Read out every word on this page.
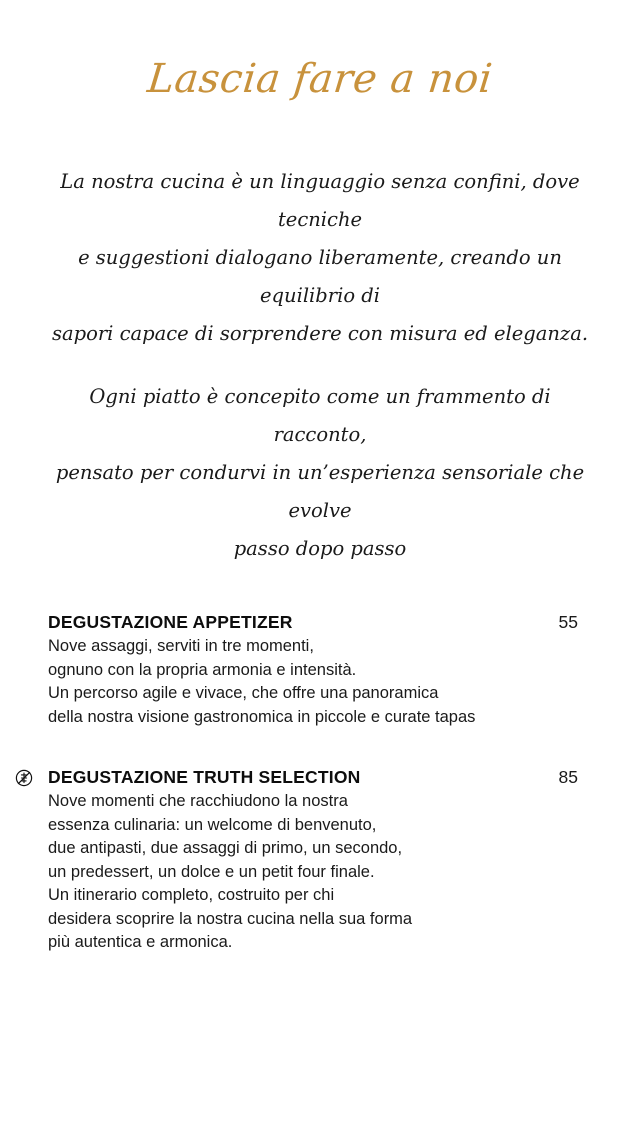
Lascia fare a noi

La nostra cucina è un linguaggio senza confini, dove tecniche
e suggestioni dialogano liberamente, creando un equilibrio di
sapori capace di sorprendere con misura ed eleganza.

Ogni piatto è concepito come un frammento di racconto,
pensato per condurvi in un’esperienza sensoriale che evolve
passo dopo passo

DEGUSTAZIONE APPETIZER	55

Nove assaggi, serviti in tre momenti,
ognuno con la propria armonia e intensità.
Un percorso agile e vivace, che offre una panoramica
della nostra visione gastronomica in piccole e curate tapas

DEGUSTAZIONE TRUTH SELECTION	85

Nove momenti che racchiudono la nostra
essenza culinaria: un welcome di benvenuto,
due antipasti, due assaggi di primo, un secondo,
un predessert, un dolce e un petit four finale.
Un itinerario completo, costruito per chi
desidera scoprire la nostra cucina nella sua forma
più autentica e armonica.
